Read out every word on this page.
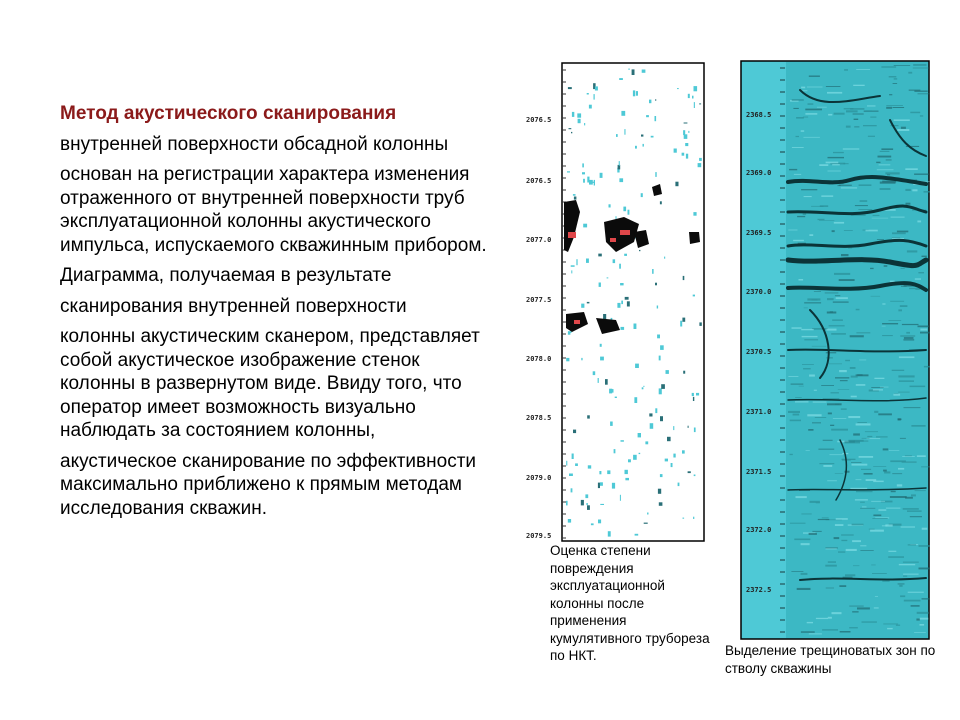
Метод акустического сканирования

внутренней поверхности обсадной колонны

основан на регистрации характера изменения отраженного от внутренней поверхности труб эксплуатационной колонны акустического импульса, испускаемого скважинным прибором.

Диаграмма, получаемая в результате

сканирования внутренней поверхности

колонны акустическим сканером, представляет собой акустическое изображение стенок колонны в развернутом виде. Ввиду того, что оператор имеет возможность визуально наблюдать за состоянием колонны,

акустическое сканирование по эффективности максимально приближено к прямым методам исследования скважин.

2076.5
2076.5
2077.0
2077.5
2078.0
2078.5
2079.0
2079.5
Оценка степени повреждения эксплуатационной колонны после применения кумулятивного трубореза по НКТ.
2368.5
2369.0
2369.5
2370.0
2370.5
2371.0
2371.5
2372.0
2372.5
Выделение трещиноватых зон по стволу скважины
